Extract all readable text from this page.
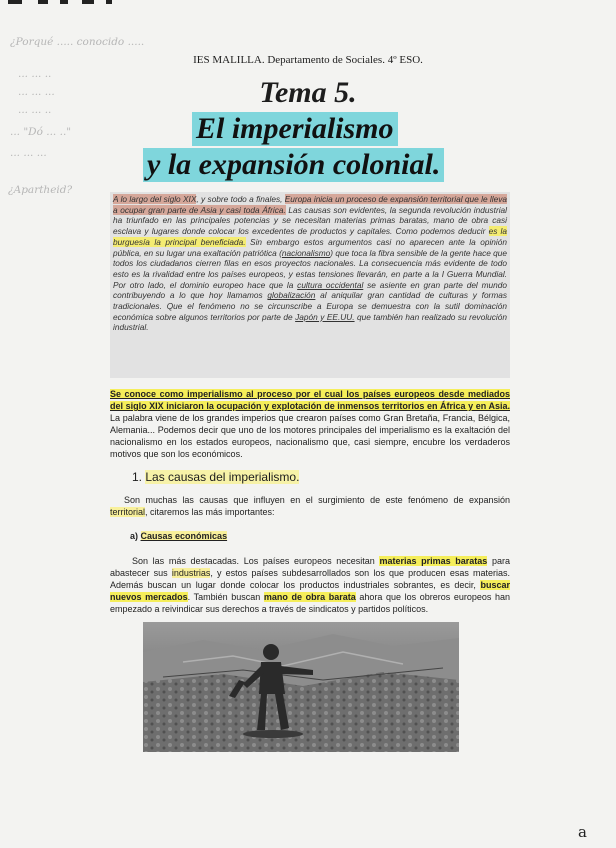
¿Porqué ..... conocido .....
... ... ..
... ... ...
... ... ..
... "Dó ... .."
... ... ...
¿Apartheid?
IES MALILLA. Departamento de Sociales. 4º ESO.
Tema 5.
El imperialismo
y la expansión colonial.
A lo largo del siglo XIX, y sobre todo a finales, Europa inicia un proceso de expansión territorial que le lleva a ocupar gran parte de Asia y casi toda África. Las causas son evidentes, la segunda revolución industrial ha triunfado en las principales potencias y se necesitan materias primas baratas, mano de obra casi esclava y lugares donde colocar los excedentes de productos y capitales. Como podemos deducir es la burguesía la principal beneficiada. Sin embargo estos argumentos casi no aparecen ante la opinión pública, en su lugar una exaltación patriótica (nacionalismo) que toca la fibra sensible de la gente hace que todos los ciudadanos cierren filas en esos proyectos nacionales. La consecuencia más evidente de todo esto es la rivalidad entre los países europeos, y estas tensiones llevarán, en parte a la I Guerra Mundial. Por otro lado, el dominio europeo hace que la cultura occidental se asiente en gran parte del mundo contribuyendo a lo que hoy llamamos globalización al aniquilar gran cantidad de culturas y formas tradicionales. Que el fenómeno no se circunscribe a Europa se demuestra con la sutil dominación económica sobre algunos territorios por parte de Japón y EE.UU. que también han realizado su revolución industrial.
Se conoce como imperialismo al proceso por el cual los países europeos desde mediados del siglo XIX iniciaron la ocupación y explotación de inmensos territorios en África y en Asia. La palabra viene de los grandes imperios que crearon países como Gran Bretaña, Francia, Bélgica, Alemania... Podemos decir que uno de los motores principales del imperialismo es la exaltación del nacionalismo en los estados europeos, nacionalismo que, casi siempre, encubre los verdaderos motivos que son los económicos.
1. Las causas del imperialismo.
Son muchas las causas que influyen en el surgimiento de este fenómeno de expansión territorial, citaremos las más importantes:
a) Causas económicas
Son las más destacadas. Los países europeos necesitan materias primas baratas para abastecer sus industrias, y estos países subdesarrollados son los que producen esas materias. Además buscan un lugar donde colocar los productos industriales sobrantes, es decir, buscar nuevos mercados. También buscan mano de obra barata ahora que los obreros europeos han empezado a reivindicar sus derechos a través de sindicatos y partidos políticos.
a
